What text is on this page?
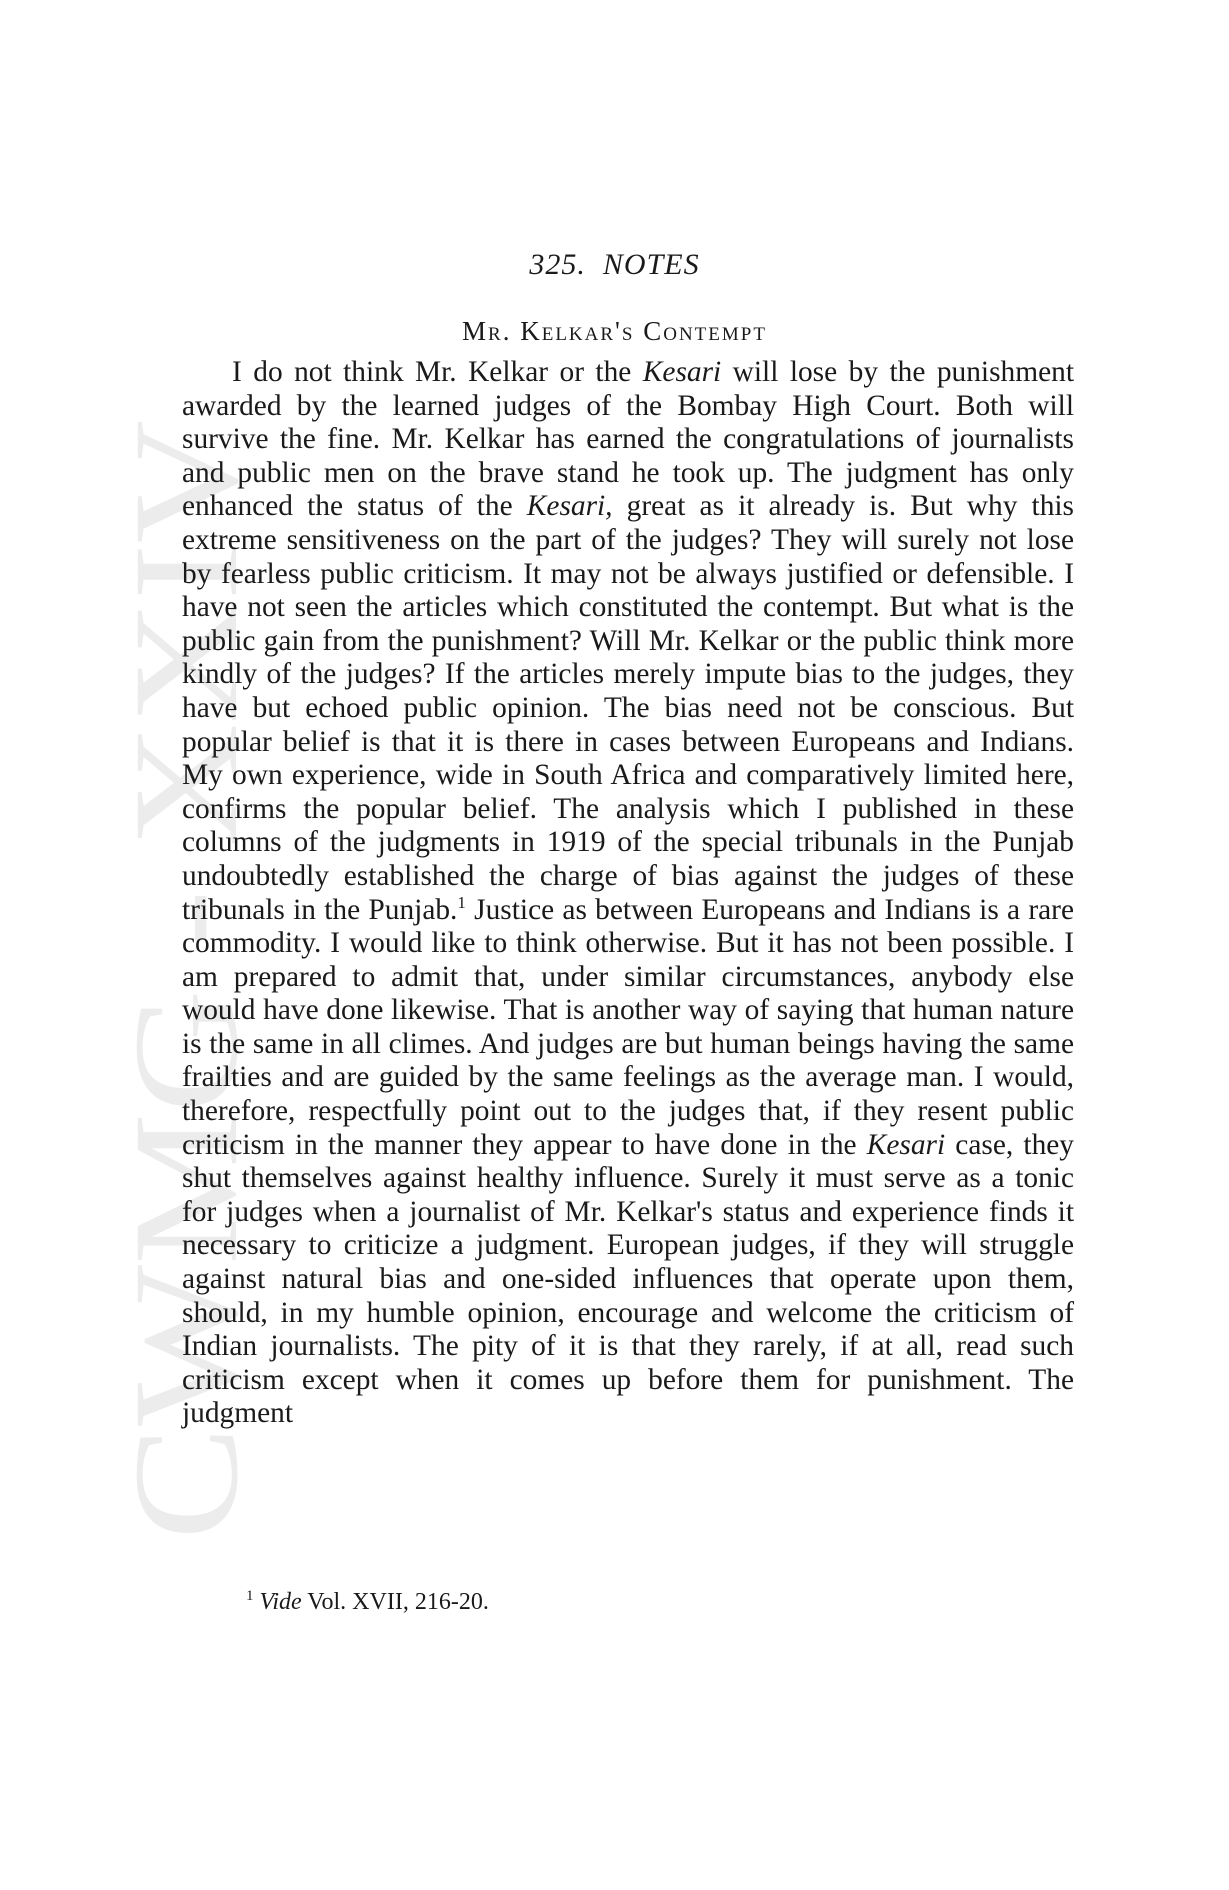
CWMG XXIV
325. NOTES
Mr. Kelkar's Contempt

I do not think Mr. Kelkar or the Kesari will lose by the punishment awarded by the learned judges of the Bombay High Court. Both will survive the fine. Mr. Kelkar has earned the congratulations of journalists and public men on the brave stand he took up. The judgment has only enhanced the status of the Kesari, great as it already is. But why this extreme sensitiveness on the part of the judges? They will surely not lose by fearless public criticism. It may not be always justified or defensible. I have not seen the articles which constituted the contempt. But what is the public gain from the punishment? Will Mr. Kelkar or the public think more kindly of the judges? If the articles merely impute bias to the judges, they have but echoed public opinion. The bias need not be conscious. But popular belief is that it is there in cases between Europeans and Indians. My own experience, wide in South Africa and comparatively limited here, confirms the popular belief. The analysis which I published in these columns of the judgments in 1919 of the special tribunals in the Punjab undoubtedly established the charge of bias against the judges of these tribunals in the Punjab.$^1$ Justice as between Europeans and Indians is a rare commodity. I would like to think otherwise. But it has not been possible. I am prepared to admit that, under similar circumstances, anybody else would have done likewise. That is another way of saying that human nature is the same in all climes. And judges are but human beings having the same frailties and are guided by the same feelings as the average man. I would, therefore, respectfully point out to the judges that, if they resent public criticism in the manner they appear to have done in the Kesari case, they shut themselves against healthy influence. Surely it must serve as a tonic for judges when a journalist of Mr. Kelkar's status and experience finds it necessary to criticize a judgment. European judges, if they will struggle against natural bias and one-sided influences that operate upon them, should, in my humble opinion, encourage and welcome the criticism of Indian journalists. The pity of it is that they rarely, if at all, read such criticism except when it comes up before them for punishment. The judgment

$^1$ Vide Vol. XVII, 216-20.
